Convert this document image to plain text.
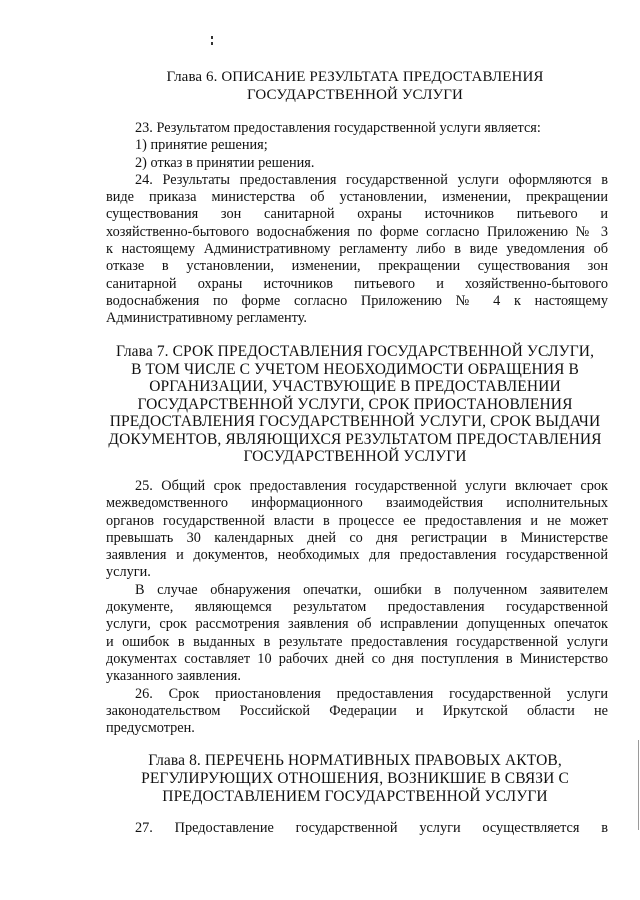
Глава 6. ОПИСАНИЕ РЕЗУЛЬТАТА ПРЕДОСТАВЛЕНИЯ
ГОСУДАРСТВЕННОЙ УСЛУГИ
23. Результатом предоставления государственной услуги является:
1) принятие решения;
2) отказ в принятии решения.
24. Результаты предоставления государственной услуги оформляются в
виде приказа министерства об установлении, изменении, прекращении
существования зон санитарной охраны источников питьевого и
хозяйственно-бытового водоснабжения по форме согласно Приложению № 3
к настоящему Административному регламенту либо в виде уведомления об
отказе в установлении, изменении, прекращении существования зон
санитарной охраны источников питьевого и хозяйственно-бытового
водоснабжения по форме согласно Приложению № 4 к настоящему
Административному регламенту.
Глава 7. СРОК ПРЕДОСТАВЛЕНИЯ ГОСУДАРСТВЕННОЙ УСЛУГИ,
В ТОМ ЧИСЛЕ С УЧЕТОМ НЕОБХОДИМОСТИ ОБРАЩЕНИЯ В
ОРГАНИЗАЦИИ, УЧАСТВУЮЩИЕ В ПРЕДОСТАВЛЕНИИ
ГОСУДАРСТВЕННОЙ УСЛУГИ, СРОК ПРИОСТАНОВЛЕНИЯ
ПРЕДОСТАВЛЕНИЯ ГОСУДАРСТВЕННОЙ УСЛУГИ, СРОК ВЫДАЧИ
ДОКУМЕНТОВ, ЯВЛЯЮЩИХСЯ РЕЗУЛЬТАТОМ ПРЕДОСТАВЛЕНИЯ
ГОСУДАРСТВЕННОЙ УСЛУГИ
25. Общий срок предоставления государственной услуги включает срок
межведомственного информационного взаимодействия исполнительных
органов государственной власти в процессе ее предоставления и не может
превышать 30 календарных дней со дня регистрации в Министерстве
заявления и документов, необходимых для предоставления государственной
услуги.
В случае обнаружения опечатки, ошибки в полученном заявителем
документе, являющемся результатом предоставления государственной
услуги, срок рассмотрения заявления об исправлении допущенных опечаток
и ошибок в выданных в результате предоставления государственной услуги
документах составляет 10 рабочих дней со дня поступления в Министерство
указанного заявления.
26. Срок приостановления предоставления государственной услуги
законодательством Российской Федерации и Иркутской области не
предусмотрен.
Глава 8. ПЕРЕЧЕНЬ НОРМАТИВНЫХ ПРАВОВЫХ АКТОВ,
РЕГУЛИРУЮЩИХ ОТНОШЕНИЯ, ВОЗНИКШИЕ В СВЯЗИ С
ПРЕДОСТАВЛЕНИЕМ ГОСУДАРСТВЕННОЙ УСЛУГИ
27. Предоставление государственной услуги осуществляется в
